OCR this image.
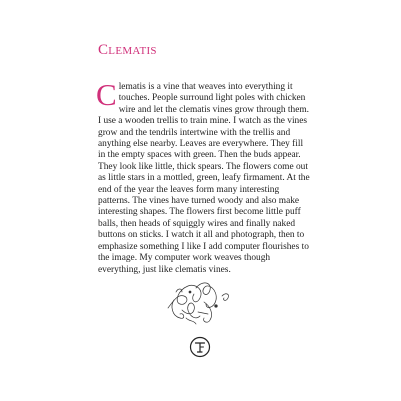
Clematis

Clematis is a vine that weaves into everything it touches. People surround light poles with chicken wire and let the clematis vines grow through them. I use a wooden trellis to train mine. I watch as the vines grow and the tendrils intertwine with the trellis and anything else nearby. Leaves are everywhere. They fill in the empty spaces with green. Then the buds appear. They look like little, thick spears. The flowers come out as little stars in a mottled, green, leafy firmament. At the end of the year the leaves form many interesting patterns. The vines have turned woody and also make interesting shapes. The flowers first become little puff balls, then heads of squiggly wires and finally naked buttons on sticks. I watch it all and photograph, then to emphasize something I like I add computer flourishes to the image. My computer work weaves though everything, just like clematis vines.
